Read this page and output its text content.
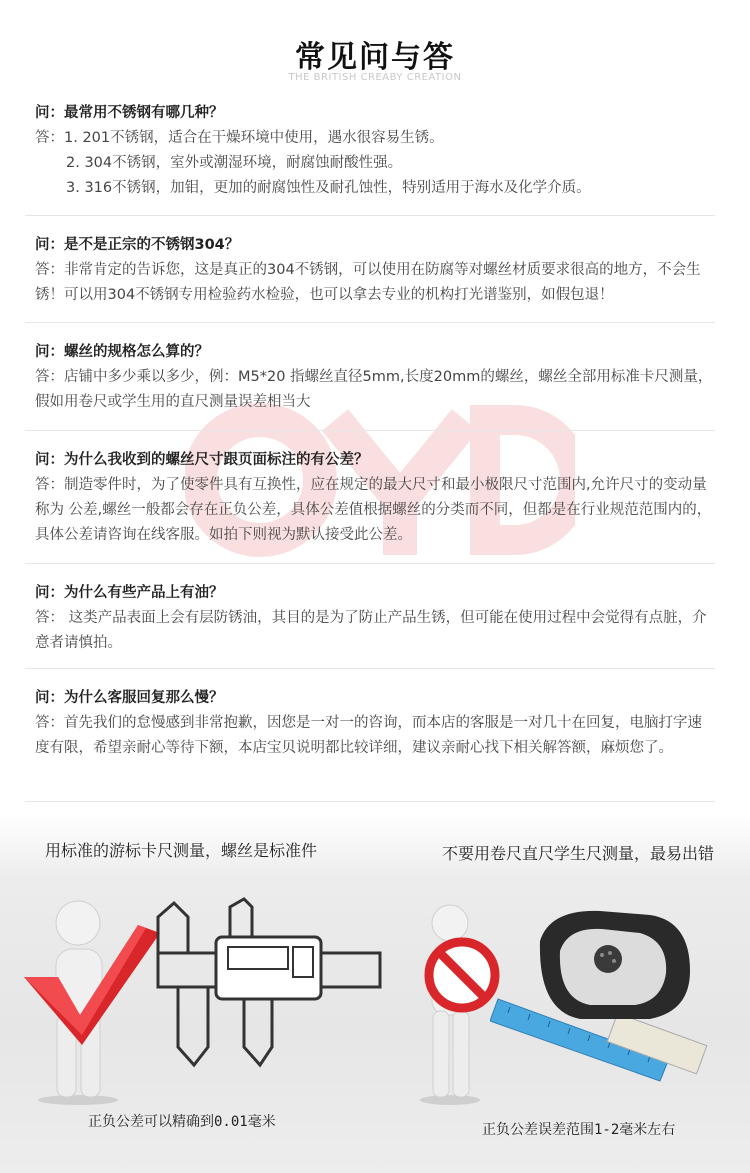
常见问与答
THE BRITISH CREABY CREATION
问：最常用不锈钢有哪几种？
答：1. 201不锈钢，适合在干燥环境中使用，遇水很容易生锈。
2. 304不锈钢，室外或潮湿环境，耐腐蚀耐酸性强。
3. 316不锈钢，加钼，更加的耐腐蚀性及耐孔蚀性，特别适用于海水及化学介质。
问：是不是正宗的不锈钢304？
答：非常肯定的告诉您，这是真正的304不锈钢，可以使用在防腐等对螺丝材质要求很高的地方，不会生锈！可以用304不锈钢专用检验药水检验，也可以拿去专业的机构打光谱鉴别，如假包退！
问：螺丝的规格怎么算的？
答：店铺中多少乘以多少，例：M5*20 指螺丝直径5mm,长度20mm的螺丝，螺丝全部用标准卡尺测量，假如用卷尺或学生用的直尺测量误差相当大
问：为什么我收到的螺丝尺寸跟页面标注的有公差？
答：制造零件时，为了使零件具有互换性，应在规定的最大尺寸和最小极限尺寸范围内,允许尺寸的变动量称为 公差,螺丝一般都会存在正负公差，具体公差值根据螺丝的分类而不同，但都是在行业规范范围内的，具体公差请咨询在线客服。如拍下则视为默认接受此公差。
问：为什么有些产品上有油？
答： 这类产品表面上会有层防锈油，其目的是为了防止产品生锈，但可能在使用过程中会觉得有点脏，介意者请慎拍。
问：为什么客服回复那么慢？
答：首先我们的怠慢感到非常抱歉，因您是一对一的咨询，而本店的客服是一对几十在回复，电脑打字速度有限，希望亲耐心等待下额，本店宝贝说明都比较详细，建议亲耐心找下相关解答额，麻烦您了。
用标准的游标卡尺测量，螺丝是标准件	不要用卷尺直尺学生尺测量，最易出错
正负公差可以精确到0.01毫米	正负公差误差范围1-2毫米左右
